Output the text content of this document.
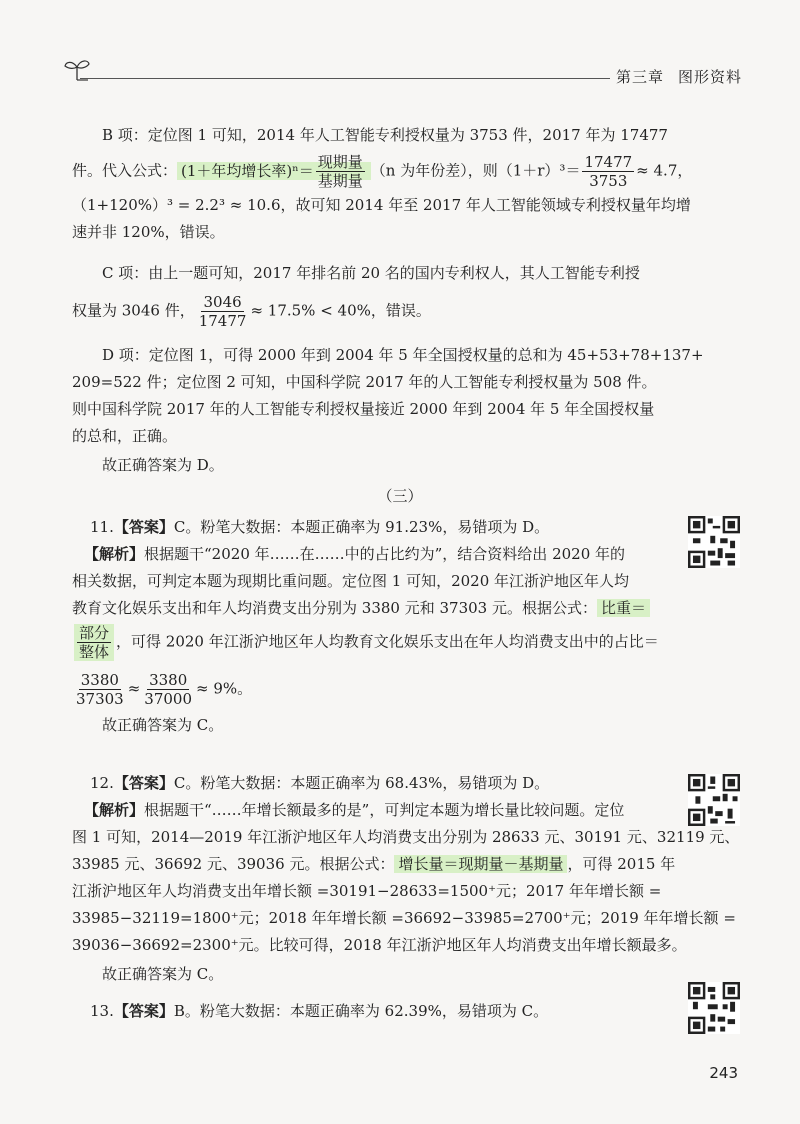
第三章 图形资料

B 项：定位图 1 可知，2014 年人工智能专利授权量为 3753 件，2017 年为 17477

件。代入公式： (1＋年均增长率)$^n= \frac{\text{现期量}}{\text{基期量}} (n$ 为年份差），则$(1+r)^3= \frac{17477}{3753} \approx 4.7$，

（1+120%）³ = 2.2³ ≈ 10.6，故可知 2014 年至 2017 年人工智能领域专利授权量年均增

速并非 120%，错误。

C 项：由上一题可知，2017 年排名前 20 名的国内专利权人，其人工智能专利授

权量为 3046 件， $\frac{3046}{17477} \approx 17.5\% < 40\%$，错误。

D 项：定位图 1，可得 2000 年到 2004 年 5 年全国授权量的总和为 45+53+78+137+

209=522 件；定位图 2 可知，中国科学院 2017 年的人工智能专利授权量为 508 件。

则中国科学院 2017 年的人工智能专利授权量接近 2000 年到 2004 年 5 年全国授权量

的总和，正确。

故正确答案为 D。

（三）

11.【答案】C。粉笔大数据：本题正确率为 91.23%，易错项为 D。

【解析】根据题干“2020 年……在……中的占比约为”，结合资料给出 2020 年的

相关数据，可判定本题为现期比重问题。定位图 1 可知，2020 年江浙沪地区年人均

教育文化娱乐支出和年人均消费支出分别为 3380 元和 37303 元。根据公式： 比重＝

$\frac{\text{部分}}{\text{整体}}$ ，可得 2020 年江浙沪地区年人均教育文化娱乐支出在年人均消费支出中的占比＝

$\frac{3380}{37303} \approx \frac{3380}{37000} \approx 9\%$。

故正确答案为 C。

12.【答案】C。粉笔大数据：本题正确率为 68.43%，易错项为 D。

【解析】根据题干“……年增长额最多的是”，可判定本题为增长量比较问题。定位

图 1 可知，2014—2019 年江浙沪地区年人均消费支出分别为 28633 元、30191 元、32119 元、

33985 元、36692 元、39036 元。根据公式： 增长量＝现期量－基期量 ，可得 2015 年

江浙沪地区年人均消费支出年增长额 =30191−28633=1500⁺元；2017 年年增长额 =

33985−32119=1800⁺元；2018 年年增长额 =36692−33985=2700⁺元；2019 年年增长额 =

39036−36692=2300⁺元。比较可得，2018 年江浙沪地区年人均消费支出年增长额最多。

故正确答案为 C。

13.【答案】B。粉笔大数据：本题正确率为 62.39%，易错项为 C。

243
